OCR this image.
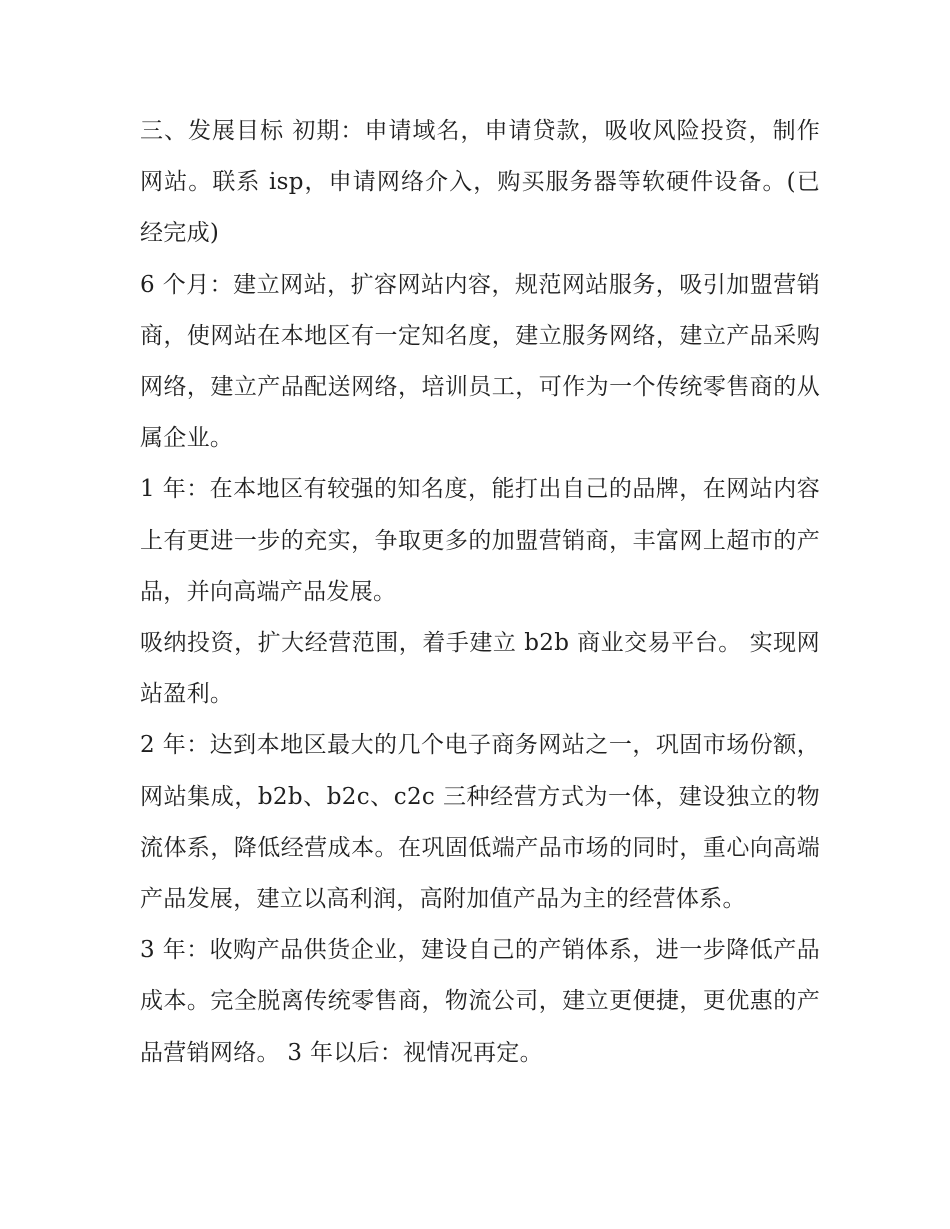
三、发展目标 初期：申请域名，申请贷款，吸收风险投资，制作网站。联系 isp，申请网络介入，购买服务器等软硬件设备。(已经完成)

6 个月：建立网站，扩容网站内容，规范网站服务，吸引加盟营销商，使网站在本地区有一定知名度，建立服务网络，建立产品采购网络，建立产品配送网络，培训员工，可作为一个传统零售商的从属企业。

1 年：在本地区有较强的知名度，能打出自己的品牌，在网站内容上有更进一步的充实，争取更多的加盟营销商，丰富网上超市的产品，并向高端产品发展。

吸纳投资，扩大经营范围，着手建立 b2b 商业交易平台。 实现网站盈利。

2 年：达到本地区最大的几个电子商务网站之一，巩固市场份额，网站集成，b2b、b2c、c2c 三种经营方式为一体，建设独立的物流体系，降低经营成本。在巩固低端产品市场的同时，重心向高端产品发展，建立以高利润，高附加值产品为主的经营体系。

3 年：收购产品供货企业，建设自己的产销体系，进一步降低产品成本。完全脱离传统零售商，物流公司，建立更便捷，更优惠的产品营销网络。 3 年以后：视情况再定。
